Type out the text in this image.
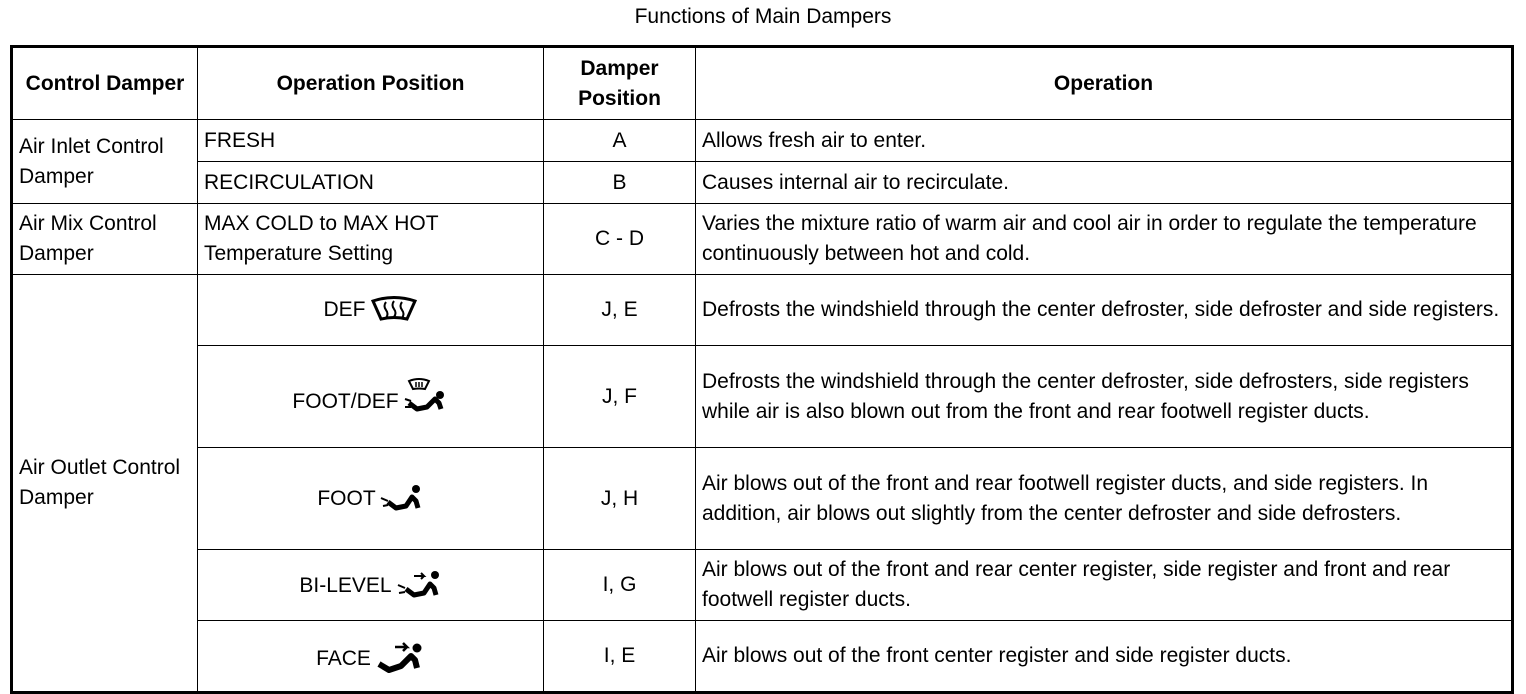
Functions of Main Dampers
Control Damper	Operation Position	Damper Position	Operation
Air Inlet Control Damper	FRESH	A	Allows fresh air to enter.
	RECIRCULATION	B	Causes internal air to recirculate.
Air Mix Control Damper	MAX COLD to MAX HOT Temperature Setting	C - D	Varies the mixture ratio of warm air and cool air in order to regulate the temperature continuously between hot and cold.
Air Outlet Control Damper	DEF	J, E	Defrosts the windshield through the center defroster, side defroster and side registers.
	FOOT/DEF	J, F	Defrosts the windshield through the center defroster, side defrosters, side registers while air is also blown out from the front and rear footwell register ducts.
	FOOT	J, H	Air blows out of the front and rear footwell register ducts, and side registers. In addition, air blows out slightly from the center defroster and side defrosters.
	BI-LEVEL	I, G	Air blows out of the front and rear center register, side register and front and rear footwell register ducts.
	FACE	I, E	Air blows out of the front center register and side register ducts.
